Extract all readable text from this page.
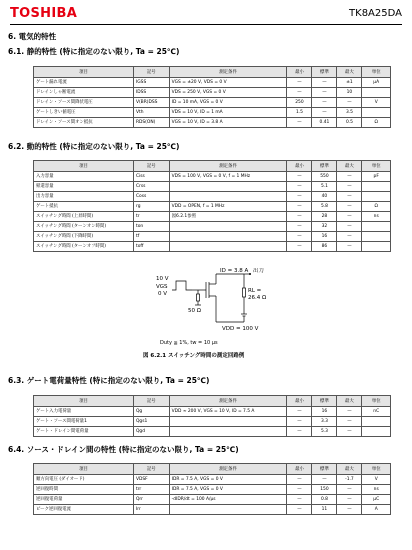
TOSHIBA	TK8A25DA
6. 電気的特性
6.1. 静的特性 (特に指定のない限り, Ta = 25℃)
項目	記号	測定条件	最小	標準	最大	単位
ゲート漏れ電流	IGSS	VGS = ±20 V, VDS = 0 V	—	—	±1	μA
ドレインしゃ断電流	IDSS	VDS = 250 V, VGS = 0 V	—	—	10	
ドレイン・ソース間降伏電圧	V(BR)DSS	ID = 10 mA, VGS = 0 V	250	—	—	V
ゲートしきい値電圧	Vth	VDS = 10 V, ID = 1 mA	1.5	—	3.5	
ドレイン・ソース間オン抵抗	RDS(ON)	VGS = 10 V, ID = 3.8 A	—	0.41	0.5	Ω
6.2. 動的特性 (特に指定のない限り, Ta = 25℃)
項目	記号	測定条件	最小	標準	最大	単位
入力容量	Ciss	VDS = 100 V, VGS = 0 V, f = 1 MHz	—	550	—	pF
帰還容量	Crss		—	5.1	—	
出力容量	Coss		—	40	—	
ゲート抵抗	rg	VDD = OPEN, f = 1 MHz	—	5.8	—	Ω
スイッチング時間 (上昇時間)	tr	図6.2.1参照	—	28	—	ns
スイッチング時間 (ターンオン時間)	ton		—	32	—	
スイッチング時間 (下降時間)	tf		—	16	—	
スイッチング時間 (ターンオフ時間)	toff		—	86	—	
10 V
VGS
0 V
ID = 3.8 A 出力
RL =
26.4 Ω
50 Ω
VDD = 100 V
Duty ≦ 1%, tw = 10 μs
図 6.2.1 スイッチング時間の測定回路例
6.3. ゲート電荷量特性 (特に指定のない限り, Ta = 25℃)
項目	記号	測定条件	最小	標準	最大	単位
ゲート入力電荷量	Qg	VDD ≈ 200 V, VGS = 10 V, ID = 7.5 A	—	16	—	nC
ゲート・ソース間電荷量1	Qgs1		—	3.3	—	
ゲート・ドレイン間電荷量	Qgd		—	5.3	—	
6.4. ソース・ドレイン間の特性 (特に指定のない限り, Ta = 25℃)
項目	記号	測定条件	最小	標準	最大	単位
順方向電圧 (ダイオード)	VDSF	IDR = 7.5 A, VGS = 0 V	—	—	-1.7	V
逆回復時間	trr	IDR = 7.5 A, VGS = 0 V	—	150	—	ns
逆回復電荷量	Qrr	-dIDR/dt = 100 A/μs	—	0.8	—	μC
ピーク逆回復電流	Irr		—	11	—	A
